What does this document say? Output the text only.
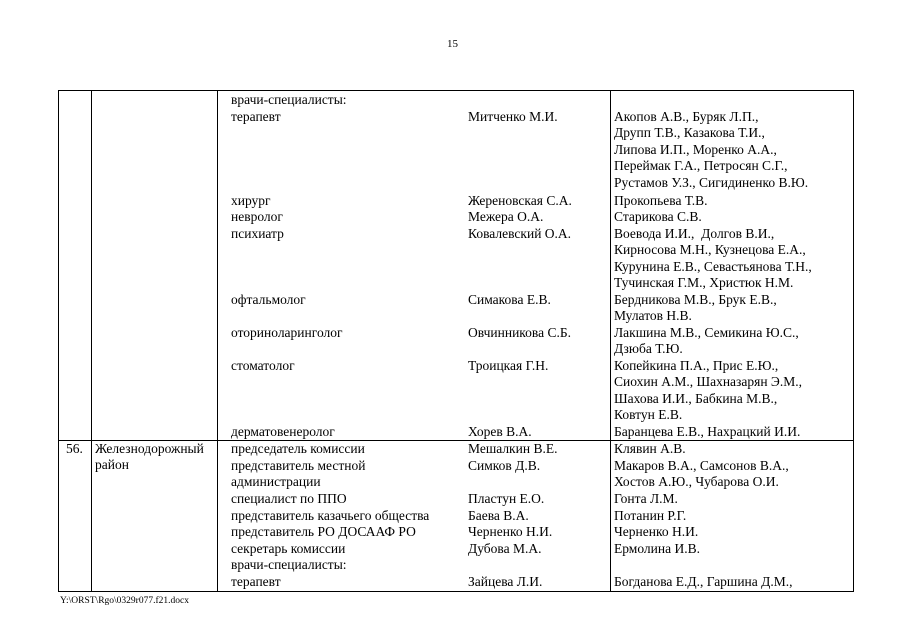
15
врачи-специалисты:
терапевт	Митченко М.И.	Акопов А.В., Буряк Л.П.,
Друпп Т.В., Казакова Т.И.,
Липова И.П., Моренко А.А.,
Переймак Г.А., Петросян С.Г.,
Рустамов У.З., Сигидиненко В.Ю.
хирург	Жереновская С.А.	Прокопьева Т.В.
невролог	Межера О.А.	Старикова С.В.
психиатр	Ковалевский О.А.	Воевода И.И.,  Долгов В.И.,
Кирносова М.Н., Кузнецова Е.А.,
Курунина Е.В., Севастьянова Т.Н.,
Тучинская Г.М., Христюк Н.М.
офтальмолог	Симакова Е.В.	Бердникова М.В., Брук Е.В.,
Мулатов Н.В.
оториноларинголог	Овчинникова С.Б.	Лакшина М.В., Семикина Ю.С.,
Дзюба Т.Ю.
стоматолог	Троицкая Г.Н.	Копейкина П.А., Прис Е.Ю.,
Сиохин А.М., Шахназарян Э.М.,
Шахова И.И., Бабкина М.В.,
Ковтун Е.В.
дерматовенеролог	Хорев В.А.	Баранцева Е.В., Нахрацкий И.И.
56. Железнодорожный
район
председатель комиссии	Мешалкин В.Е.	Клявин А.В.
представитель местной
администрации
Симков Д.В.	Макаров В.А., Самсонов В.А.,
Хостов А.Ю., Чубарова О.И.
специалист по ППО	Пластун Е.О.	Гонта Л.М.
представитель казачьего общества	Баева В.А.	Потанин Р.Г.
представитель РО ДОСААФ РО	Черненко Н.И.	Черненко Н.И.
секретарь комиссии	Дубова М.А.	Ермолина И.В.
врачи-специалисты:
терапевт	Зайцева Л.И.	Богданова Е.Д., Гаршина Д.М.,
Y:\ORST\Rgo\0329r077.f21.docx
